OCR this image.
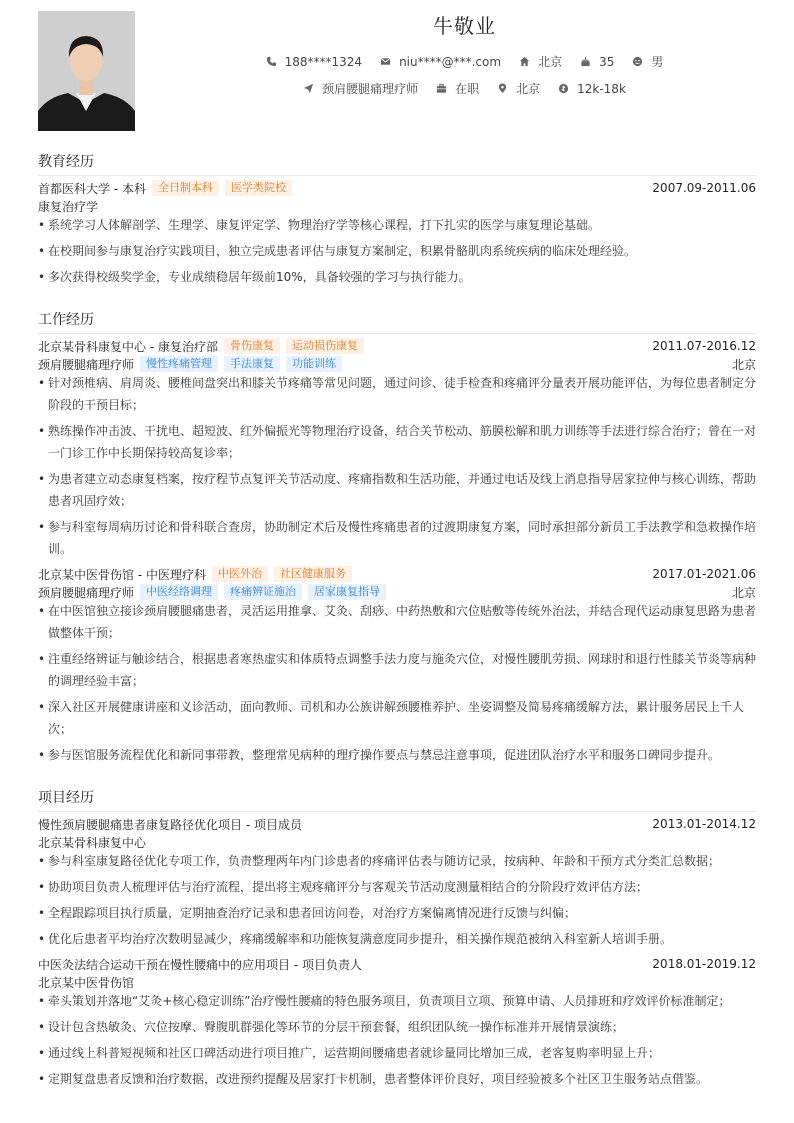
牛敬业
188****1324	niu****@***.com	北京	35	男
颈肩腰腿痛理疗师	在职	北京	12k-18k
教育经历
首都医科大学 - 本科	全日制本科	医学类院校	2007.09-2011.06
康复治疗学
• 系统学习人体解剖学、生理学、康复评定学、物理治疗学等核心课程，打下扎实的医学与康复理论基础。
• 在校期间参与康复治疗实践项目，独立完成患者评估与康复方案制定，积累骨骼肌肉系统疾病的临床处理经验。
• 多次获得校级奖学金，专业成绩稳居年级前10%，具备较强的学习与执行能力。
工作经历
北京某骨科康复中心 - 康复治疗部	骨伤康复	运动损伤康复	2011.07-2016.12
颈肩腰腿痛理疗师	慢性疼痛管理	手法康复	功能训练	北京
• 针对颈椎病、肩周炎、腰椎间盘突出和膝关节疼痛等常见问题，通过问诊、徒手检查和疼痛评分量表开展功能评估，为每位患者制定分阶段的干预目标；
• 熟练操作冲击波、干扰电、超短波、红外偏振光等物理治疗设备，结合关节松动、筋膜松解和肌力训练等手法进行综合治疗；曾在一对一门诊工作中长期保持较高复诊率；
• 为患者建立动态康复档案，按疗程节点复评关节活动度、疼痛指数和生活功能，并通过电话及线上消息指导居家拉伸与核心训练，帮助患者巩固疗效；
• 参与科室每周病历讨论和骨科联合查房，协助制定术后及慢性疼痛患者的过渡期康复方案，同时承担部分新员工手法教学和急救操作培训。
北京某中医骨伤馆 - 中医理疗科	中医外治	社区健康服务	2017.01-2021.06
颈肩腰腿痛理疗师	中医经络调理	疼痛辨证施治	居家康复指导	北京
• 在中医馆独立接诊颈肩腰腿痛患者，灵活运用推拿、艾灸、刮痧、中药热敷和穴位贴敷等传统外治法，并结合现代运动康复思路为患者做整体干预；
• 注重经络辨证与触诊结合，根据患者寒热虚实和体质特点调整手法力度与施灸穴位，对慢性腰肌劳损、网球肘和退行性膝关节炎等病种的调理经验丰富；
• 深入社区开展健康讲座和义诊活动，面向教师、司机和办公族讲解颈腰椎养护、坐姿调整及简易疼痛缓解方法，累计服务居民上千人次；
• 参与医馆服务流程优化和新同事带教，整理常见病种的理疗操作要点与禁忌注意事项，促进团队治疗水平和服务口碑同步提升。
项目经历
慢性颈肩腰腿痛患者康复路径优化项目 - 项目成员	2013.01-2014.12
北京某骨科康复中心
• 参与科室康复路径优化专项工作，负责整理两年内门诊患者的疼痛评估表与随访记录，按病种、年龄和干预方式分类汇总数据；
• 协助项目负责人梳理评估与治疗流程，提出将主观疼痛评分与客观关节活动度测量相结合的分阶段疗效评估方法；
• 全程跟踪项目执行质量，定期抽查治疗记录和患者回访问卷，对治疗方案偏离情况进行反馈与纠偏；
• 优化后患者平均治疗次数明显减少，疼痛缓解率和功能恢复满意度同步提升，相关操作规范被纳入科室新人培训手册。
中医灸法结合运动干预在慢性腰痛中的应用项目 - 项目负责人	2018.01-2019.12
北京某中医骨伤馆
• 牵头策划并落地“艾灸+核心稳定训练”治疗慢性腰痛的特色服务项目，负责项目立项、预算申请、人员排班和疗效评价标准制定；
• 设计包含热敏灸、穴位按摩、臀腹肌群强化等环节的分层干预套餐，组织团队统一操作标准并开展情景演练；
• 通过线上科普短视频和社区口碑活动进行项目推广，运营期间腰痛患者就诊量同比增加三成，老客复购率明显上升；
• 定期复盘患者反馈和治疗数据，改进预约提醒及居家打卡机制，患者整体评价良好，项目经验被多个社区卫生服务站点借鉴。
